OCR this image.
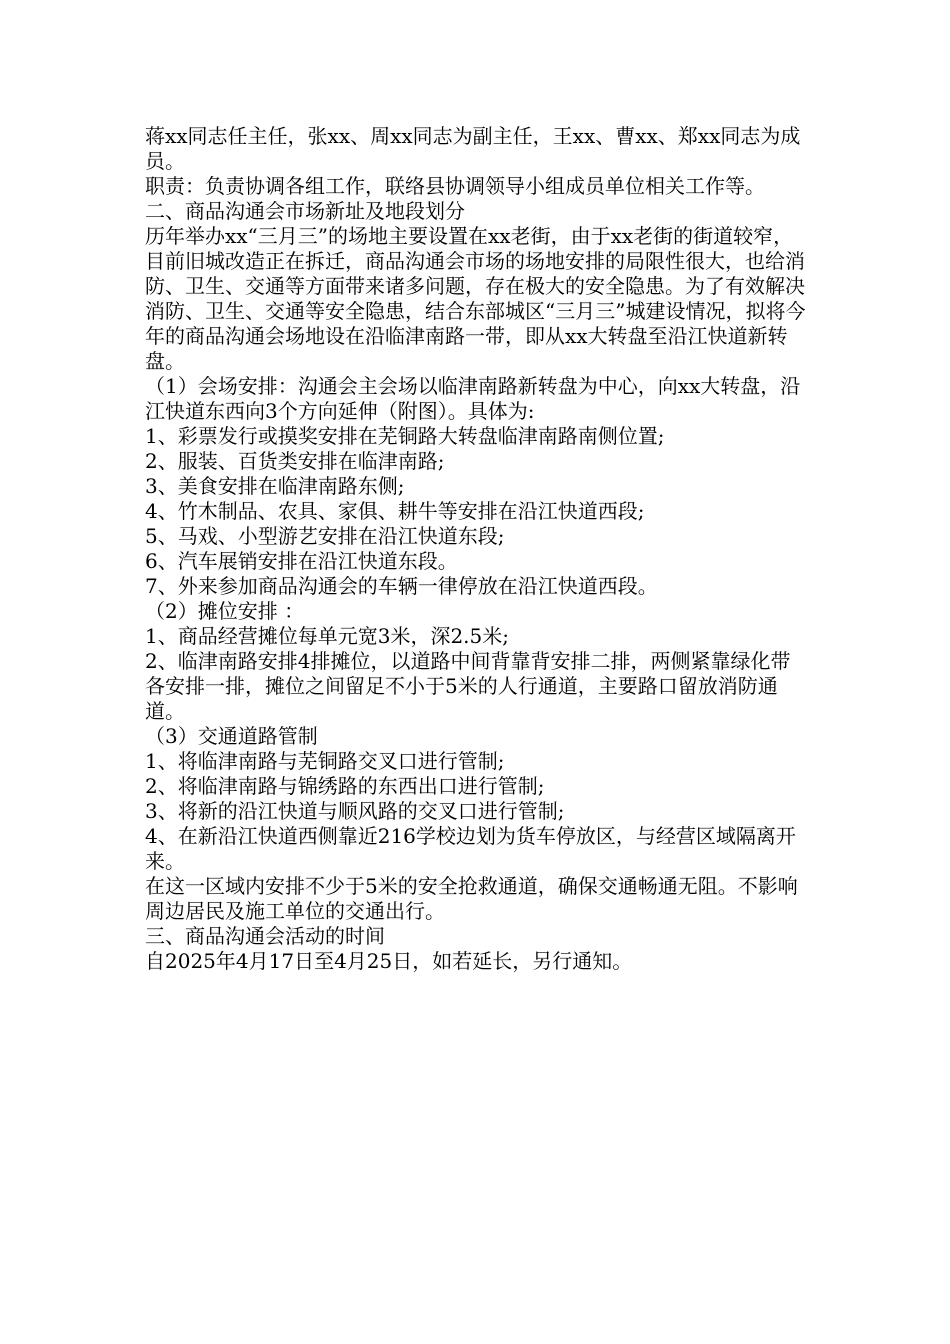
蒋xx同志任主任，张xx、周xx同志为副主任，王xx、曹xx、郑xx同志为成员。

职责：负责协调各组工作，联络县协调领导小组成员单位相关工作等。

二、商品沟通会市场新址及地段划分

历年举办xx“三月三”的场地主要设置在xx老街，由于xx老街的街道较窄，目前旧城改造正在拆迁，商品沟通会市场的场地安排的局限性很大，也给消防、卫生、交通等方面带来诸多问题，存在极大的安全隐患。为了有效解决消防、卫生、交通等安全隐患，结合东部城区“三月三”城建设情况，拟将今年的商品沟通会场地设在沿临津南路一带，即从xx大转盘至沿江快道新转盘。

（1）会场安排：沟通会主会场以临津南路新转盘为中心，向xx大转盘，沿江快道东西向3个方向延伸（附图）。具体为:

1、彩票发行或摸奖安排在芜铜路大转盘临津南路南侧位置;

2、服装、百货类安排在临津南路;

3、美食安排在临津南路东侧;

4、竹木制品、农具、家俱、耕牛等安排在沿江快道西段;

5、马戏、小型游艺安排在沿江快道东段;

6、汽车展销安排在沿江快道东段。

7、外来参加商品沟通会的车辆一律停放在沿江快道西段。

（2）摊位安排 ：

1、商品经营摊位每单元宽3米，深2.5米;

2、临津南路安排4排摊位，以道路中间背靠背安排二排，两侧紧靠绿化带各安排一排，摊位之间留足不小于5米的人行通道，主要路口留放消防通道。

（3）交通道路管制

1、将临津南路与芜铜路交叉口进行管制;

2、将临津南路与锦绣路的东西出口进行管制;

3、将新的沿江快道与顺风路的交叉口进行管制;

4、在新沿江快道西侧靠近216学校边划为货车停放区，与经营区域隔离开来。

在这一区域内安排不少于5米的安全抢救通道，确保交通畅通无阻。不影响周边居民及施工单位的交通出行。

三、商品沟通会活动的时间

自2025年4月17日至4月25日，如若延长，另行通知。
